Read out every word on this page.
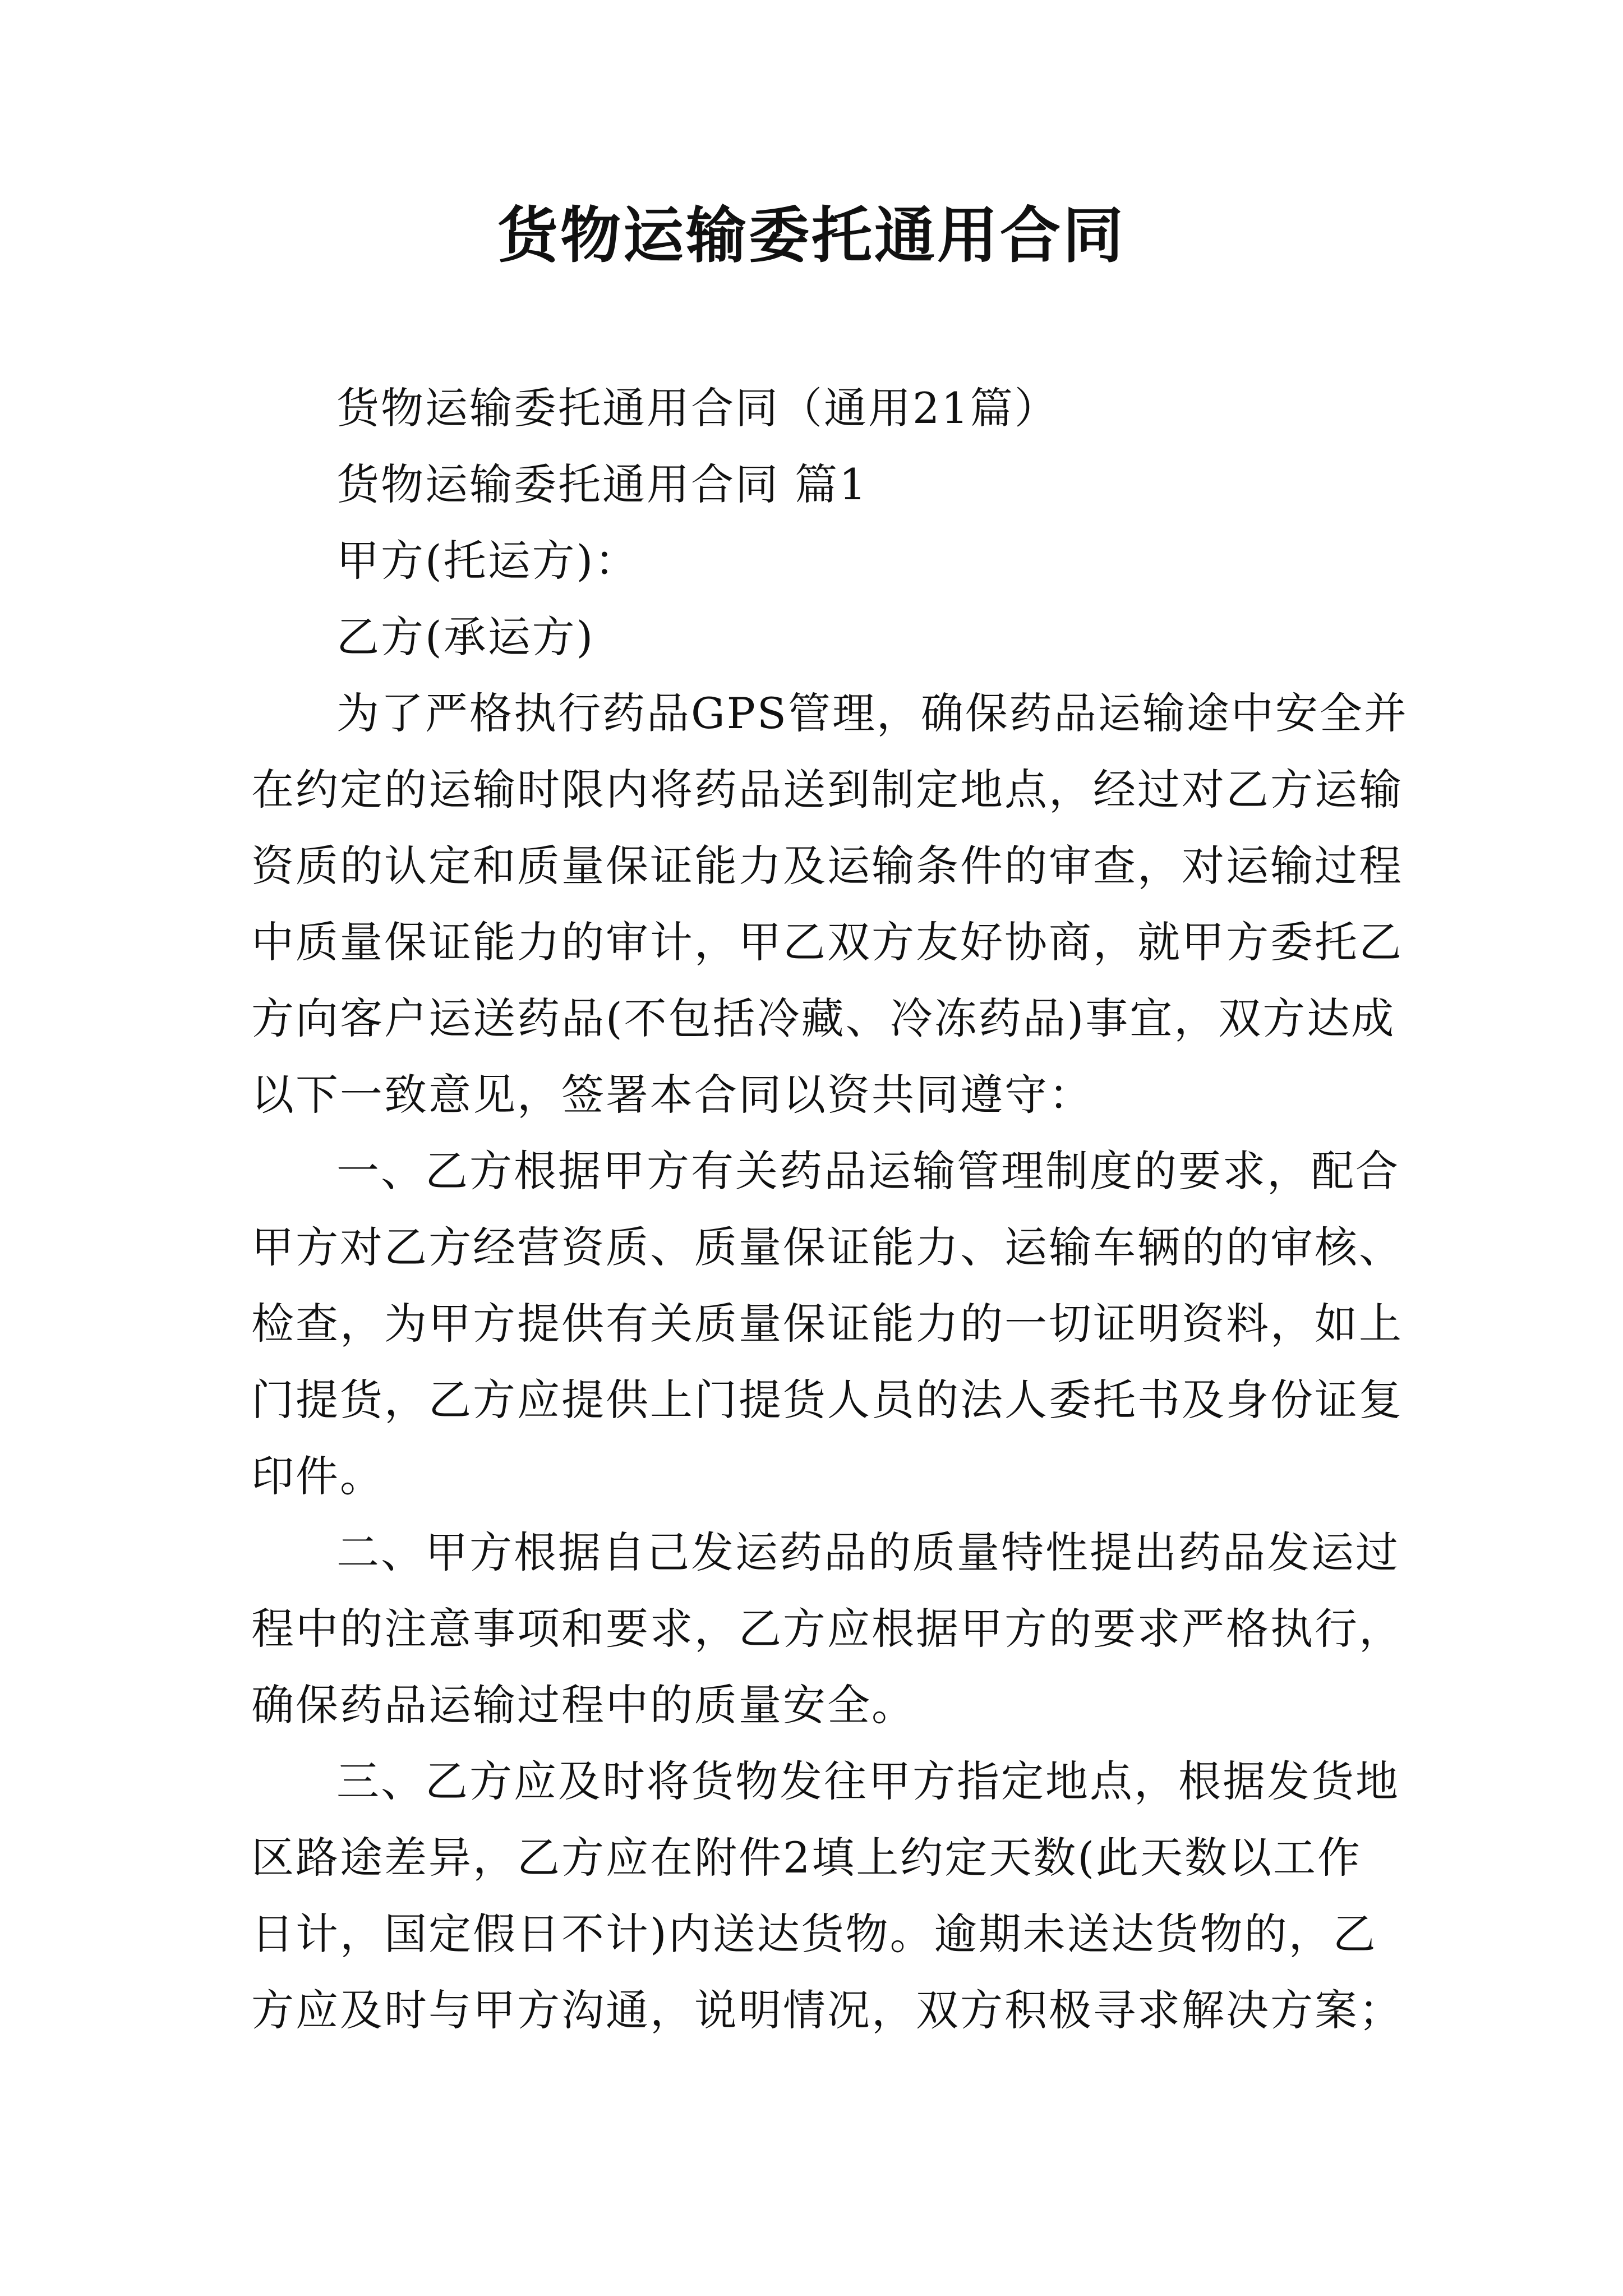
货物运输委托通用合同
货物运输委托通用合同（通用21篇）
货物运输委托通用合同 篇1
甲方(托运方)：
乙方(承运方)
为了严格执行药品GPS管理，确保药品运输途中安全并
在约定的运输时限内将药品送到制定地点，经过对乙方运输
资质的认定和质量保证能力及运输条件的审查，对运输过程
中质量保证能力的审计，甲乙双方友好协商，就甲方委托乙
方向客户运送药品(不包括冷藏、冷冻药品)事宜，双方达成
以下一致意见，签署本合同以资共同遵守：
一、乙方根据甲方有关药品运输管理制度的要求，配合
甲方对乙方经营资质、质量保证能力、运输车辆的的审核、
检查，为甲方提供有关质量保证能力的一切证明资料，如上
门提货，乙方应提供上门提货人员的法人委托书及身份证复
印件。
二、甲方根据自己发运药品的质量特性提出药品发运过
程中的注意事项和要求，乙方应根据甲方的要求严格执行，
确保药品运输过程中的质量安全。
三、乙方应及时将货物发往甲方指定地点，根据发货地
区路途差异，乙方应在附件2填上约定天数(此天数以工作
日计，国定假日不计)内送达货物。逾期未送达货物的，乙
方应及时与甲方沟通，说明情况，双方积极寻求解决方案；
